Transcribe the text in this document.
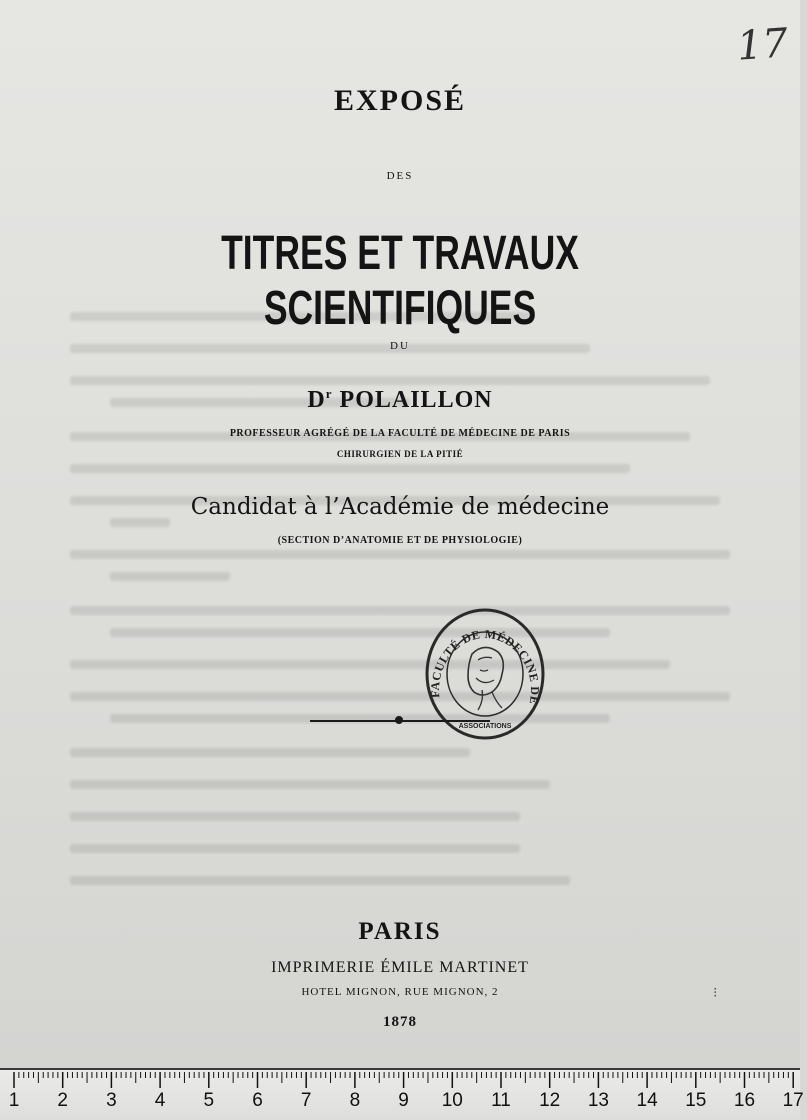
17
EXPOSÉ
DES
TITRES ET TRAVAUX SCIENTIFIQUES
DU
$D^r$ POLAILLON
PROFESSEUR AGRÉGÉ DE LA FACULTÉ DE MÉDECINE DE PARIS
CHIRURGIEN DE LA PITIÉ
Candidat à l’Académie de médecine
(SECTION D’ANATOMIE ET DE PHYSIOLOGIE)
FACULTÉ DE MÉDECINE DE
ASSOCIATIONS
PARIS
IMPRIMERIE ÉMILE MARTINET
HOTEL MIGNON, RUE MIGNON, 2
1878
⁝
1	2	3	4	5	6	7	8	9	10 11 12 13 14 15 16 17
